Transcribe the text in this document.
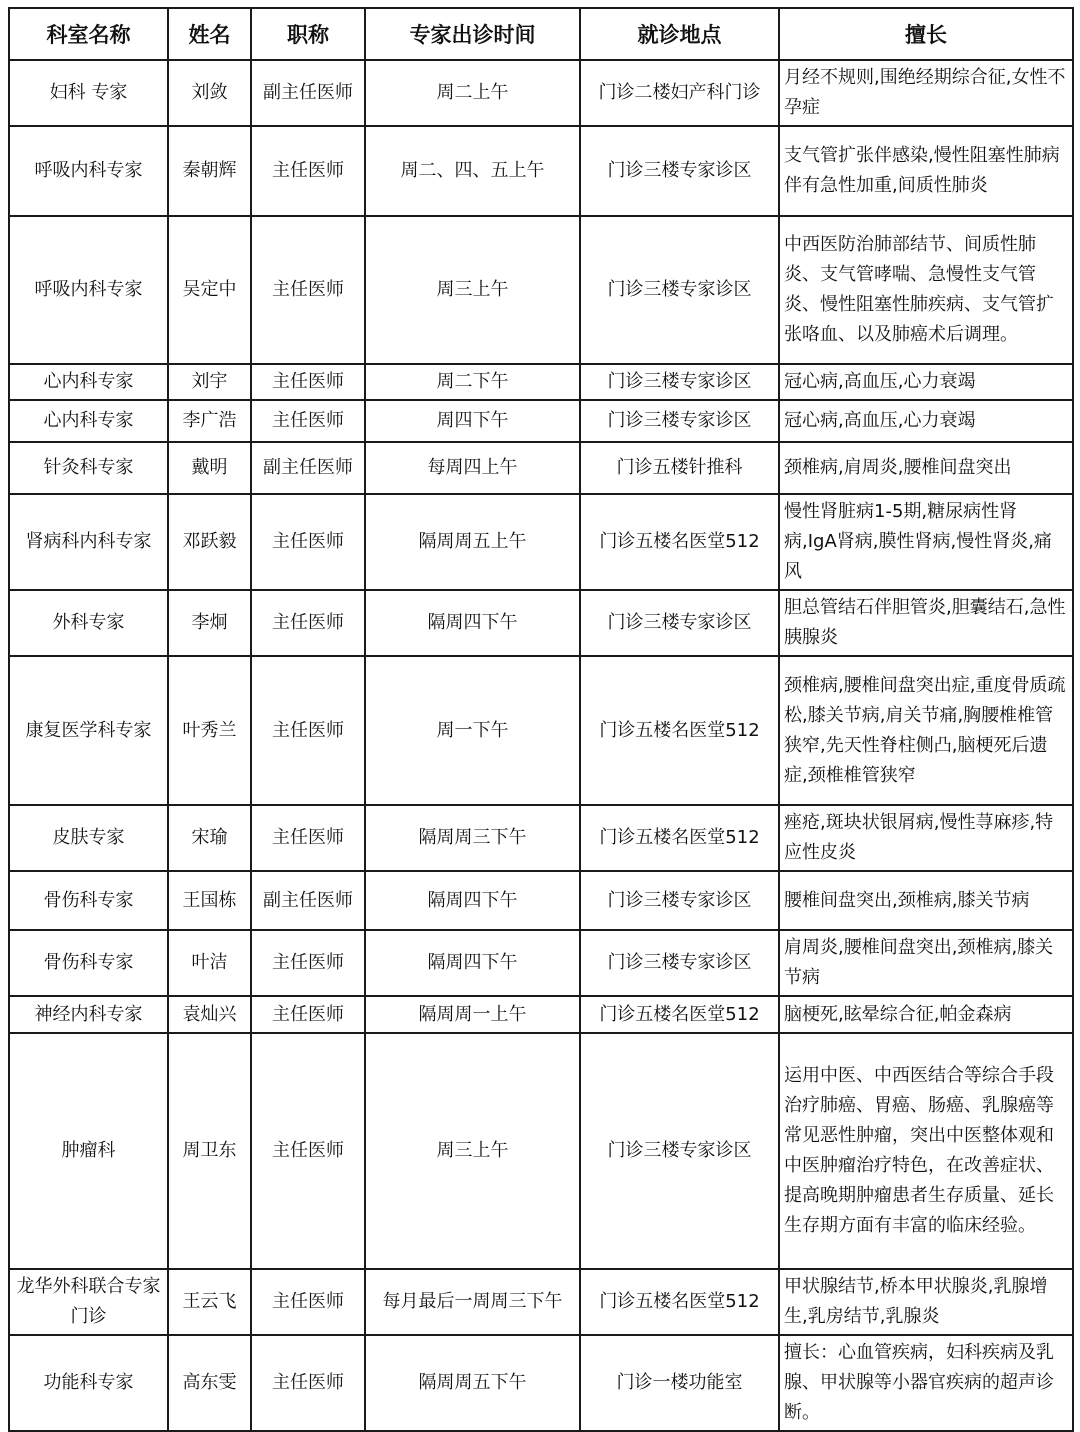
科室名称	姓名	职称	专家出诊时间	就诊地点	擅长
妇科 专家	刘敛	副主任医师	周二上午	门诊二楼妇产科门诊	月经不规则,围绝经期综合征,女性不孕症
呼吸内科专家	秦朝辉	主任医师	周二、四、五上午	门诊三楼专家诊区	支气管扩张伴感染,慢性阻塞性肺病伴有急性加重,间质性肺炎
呼吸内科专家	吴定中	主任医师	周三上午	门诊三楼专家诊区	中西医防治肺部结节、间质性肺炎、支气管哮喘、急慢性支气管炎、慢性阻塞性肺疾病、支气管扩张咯血、以及肺癌术后调理。
心内科专家	刘宇	主任医师	周二下午	门诊三楼专家诊区	冠心病,高血压,心力衰竭
心内科专家	李广浩	主任医师	周四下午	门诊三楼专家诊区	冠心病,高血压,心力衰竭
针灸科专家	戴明	副主任医师	每周四上午	门诊五楼针推科	颈椎病,肩周炎,腰椎间盘突出
肾病科内科专家	邓跃毅	主任医师	隔周周五上午	门诊五楼名医堂512	慢性肾脏病1-5期,糖尿病性肾病,IgA肾病,膜性肾病,慢性肾炎,痛风
外科专家	李炯	主任医师	隔周四下午	门诊三楼专家诊区	胆总管结石伴胆管炎,胆囊结石,急性胰腺炎
康复医学科专家	叶秀兰	主任医师	周一下午	门诊五楼名医堂512	颈椎病,腰椎间盘突出症,重度骨质疏松,膝关节病,肩关节痛,胸腰椎椎管狭窄,先天性脊柱侧凸,脑梗死后遗症,颈椎椎管狭窄
皮肤专家	宋瑜	主任医师	隔周周三下午	门诊五楼名医堂512	痤疮,斑块状银屑病,慢性荨麻疹,特应性皮炎
骨伤科专家	王国栋	副主任医师	隔周四下午	门诊三楼专家诊区	腰椎间盘突出,颈椎病,膝关节病
骨伤科专家	叶洁	主任医师	隔周四下午	门诊三楼专家诊区	肩周炎,腰椎间盘突出,颈椎病,膝关节病
神经内科专家	袁灿兴	主任医师	隔周周一上午	门诊五楼名医堂512	脑梗死,眩晕综合征,帕金森病
肿瘤科	周卫东	主任医师	周三上午	门诊三楼专家诊区	运用中医、中西医结合等综合手段治疗肺癌、胃癌、肠癌、乳腺癌等常见恶性肿瘤，突出中医整体观和中医肿瘤治疗特色，在改善症状、提高晚期肿瘤患者生存质量、延长生存期方面有丰富的临床经验。
龙华外科联合专家门诊	王云飞	主任医师	每月最后一周周三下午	门诊五楼名医堂512	甲状腺结节,桥本甲状腺炎,乳腺增生,乳房结节,乳腺炎
功能科专家	高东雯	主任医师	隔周周五下午	门诊一楼功能室	擅长：心血管疾病，妇科疾病及乳腺、甲状腺等小器官疾病的超声诊断。
